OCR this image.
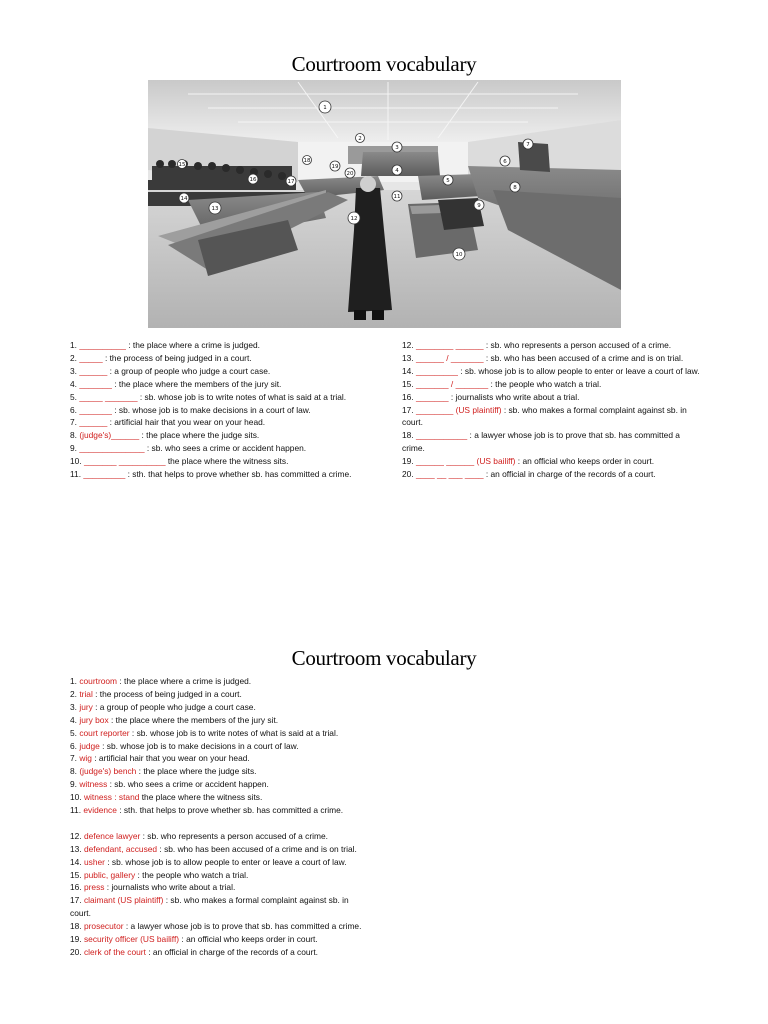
Courtroom vocabulary
1
2
3
4
5
6
7
8
9
10
11
12
13
14
15
16	17
18
19
20

1. __________ : the place where a crime is judged.

2. _____ : the process of being judged in a court.

3. ______ : a group of people who judge a court case.

4. _______ : the place where the members of the jury sit.

5. _____ _______ : sb. whose job is to write notes of what is said at a trial.

6. _______ : sb. whose job is to make decisions in a court of law.

7. ______ : artificial hair that you wear on your head.

8. (judge's)______ : the place where the judge sits.

9. ______________ : sb. who sees a crime or accident happen.

10. _______ __________ the place where the witness sits.

11. _________ : sth. that helps to prove whether sb. has committed a crime.

12. ________ ______ : sb. who represents a person accused of a crime.

13. ______ / _______ : sb. who has been accused of a crime and is on trial.

14. _________ : sb. whose job is to allow people to enter or leave a court of law.

15. _______ / _______ : the people who watch a trial.

16. _______ : journalists who write about a trial.

17. ________ (US plaintiff) : sb. who makes a formal complaint against sb. in court.

18. ___________ : a lawyer whose job is to prove that sb. has committed a crime.

19. ______ ______ (US bailiff) : an official who keeps order in court.

20. ____ __ ___ ____ : an official in charge of the records of a court.

Courtroom vocabulary

1. courtroom : the place where a crime is judged.

2. trial : the process of being judged in a court.

3. jury : a group of people who judge a court case.

4. jury box : the place where the members of the jury sit.

5. court reporter : sb. whose job is to write notes of what is said at a trial.

6. judge : sb. whose job is to make decisions in a court of law.

7. wig : artificial hair that you wear on your head.

8. (judge's) bench : the place where the judge sits.

9. witness : sb. who sees a crime or accident happen.

10. witness : stand the place where the witness sits.

11. evidence : sth. that helps to prove whether sb. has committed a crime.

12. defence lawyer : sb. who represents a person accused of a crime.

13. defendant, accused : sb. who has been accused of a crime and is on trial.

14. usher : sb. whose job is to allow people to enter or leave a court of law.

15. public, gallery : the people who watch a trial.

16. press : journalists who write about a trial.

17. claimant (US plaintiff) : sb. who makes a formal complaint against sb. in court.

18. prosecutor : a lawyer whose job is to prove that sb. has committed a crime.

19. security officer (US bailiff) : an official who keeps order in court.

20. clerk of the court : an official in charge of the records of a court.
